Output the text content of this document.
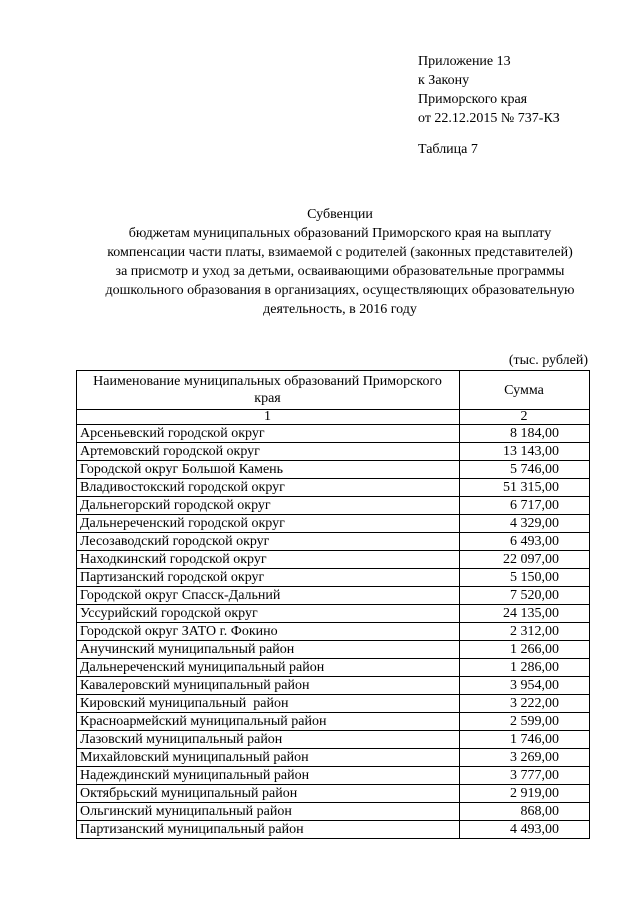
Приложение 13
к Закону
Приморского края
от 22.12.2015 № 737-КЗ
Таблица 7
Субвенции
бюджетам муниципальных образований Приморского края на выплату
компенсации части платы, взимаемой с родителей (законных представителей)
за присмотр и уход за детьми, осваивающими образовательные программы
дошкольного образования в организациях, осуществляющих образовательную
деятельность, в 2016 году
(тыс. рублей)
Наименование муниципальных образований Приморского края	Сумма
1	2
Арсеньевский городской округ	8 184,00
Артемовский городской округ	13 143,00
Городской округ Большой Камень	5 746,00
Владивостокский городской округ	51 315,00
Дальнегорский городской округ	6 717,00
Дальнереченский городской округ	4 329,00
Лесозаводский городской округ	6 493,00
Находкинский городской округ	22 097,00
Партизанский городской округ	5 150,00
Городской округ Спасск-Дальний	7 520,00
Уссурийский городской округ	24 135,00
Городской округ ЗАТО г. Фокино	2 312,00
Анучинский муниципальный район	1 266,00
Дальнереченский муниципальный район	1 286,00
Кавалеровский муниципальный район	3 954,00
Кировский муниципальный  район	3 222,00
Красноармейский муниципальный район	2 599,00
Лазовский муниципальный район	1 746,00
Михайловский муниципальный район	3 269,00
Надеждинский муниципальный район	3 777,00
Октябрьский муниципальный район	2 919,00
Ольгинский муниципальный район	868,00
Партизанский муниципальный район	4 493,00
